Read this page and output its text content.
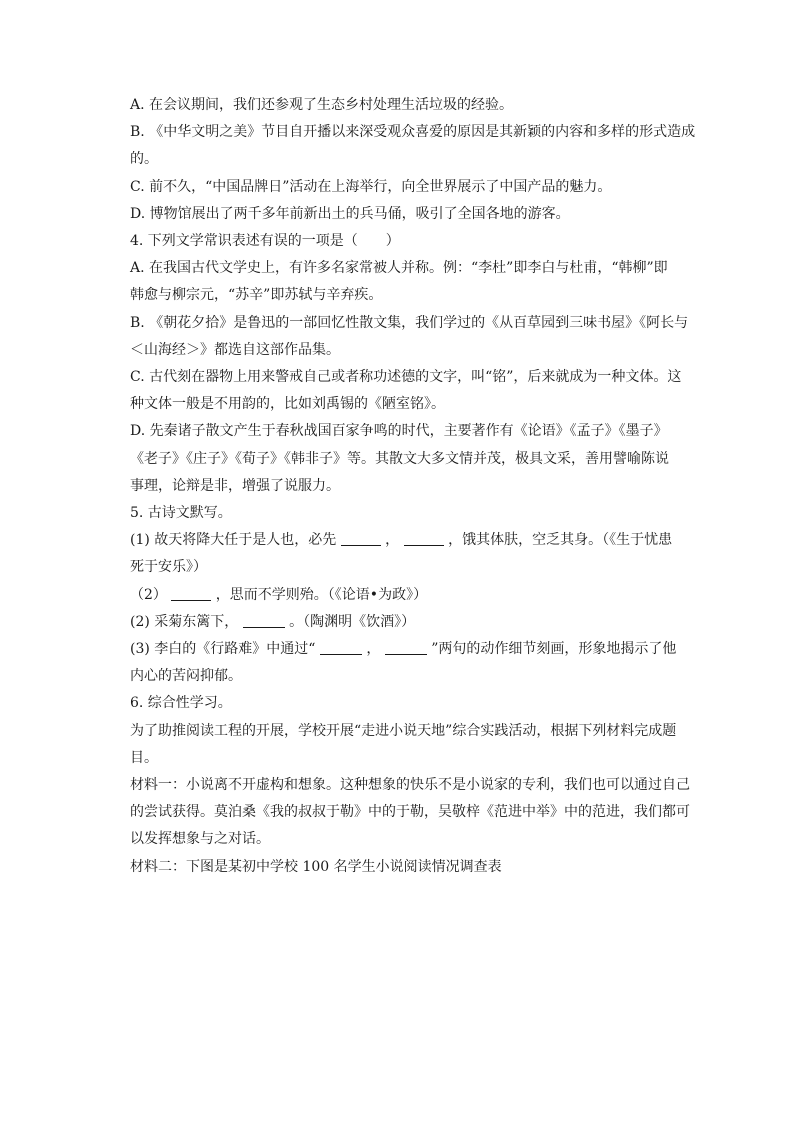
A. 在会议期间，我们还参观了生态乡村处理生活垃圾的经验。
B. 《中华文明之美》节目自开播以来深受观众喜爱的原因是其新颖的内容和多样的形式造成
的。
C. 前不久，“中国品牌日”活动在上海举行，向全世界展示了中国产品的魅力。
D. 博物馆展出了两千多年前新出土的兵马俑，吸引了全国各地的游客。
4. 下列文学常识表述有误的一项是（　　）
A. 在我国古代文学史上，有许多名家常被人并称。例：“李杜”即李白与杜甫，“韩柳”即
韩愈与柳宗元，“苏辛”即苏轼与辛弃疾。
B. 《朝花夕拾》是鲁迅的一部回忆性散文集，我们学过的《从百草园到三味书屋》《阿长与
＜山海经＞》都选自这部作品集。
C. 古代刻在器物上用来警戒自己或者称功述德的文字，叫“铭”，后来就成为一种文体。这
种文体一般是不用韵的，比如刘禹锡的《陋室铭》。
D. 先秦诸子散文产生于春秋战国百家争鸣的时代，主要著作有《论语》《孟子》《墨子》
《老子》《庄子》《荀子》《韩非子》等。其散文大多文情并茂，极具文采，善用譬喻陈说
事理，论辩是非，增强了说服力。
5. 古诗文默写。
(1) 故天将降大任于是人也，必先	，	，饿其体肤，空乏其身。（《生于忧患
死于安乐》）
（2）	，思而不学则殆。（《论语•为政》）
(2) 采菊东篱下，	。（陶渊明《饮酒》）
(3) 李白的《行路难》中通过“	，	”两句的动作细节刻画，形象地揭示了他
内心的苦闷抑郁。
6. 综合性学习。
为了助推阅读工程的开展，学校开展“走进小说天地”综合实践活动，根据下列材料完成题
目。
材料一：小说离不开虚构和想象。这种想象的快乐不是小说家的专利，我们也可以通过自己
的尝试获得。莫泊桑《我的叔叔于勒》中的于勒，吴敬梓《范进中举》中的范进，我们都可
以发挥想象与之对话。
材料二：下图是某初中学校 100 名学生小说阅读情况调查表
